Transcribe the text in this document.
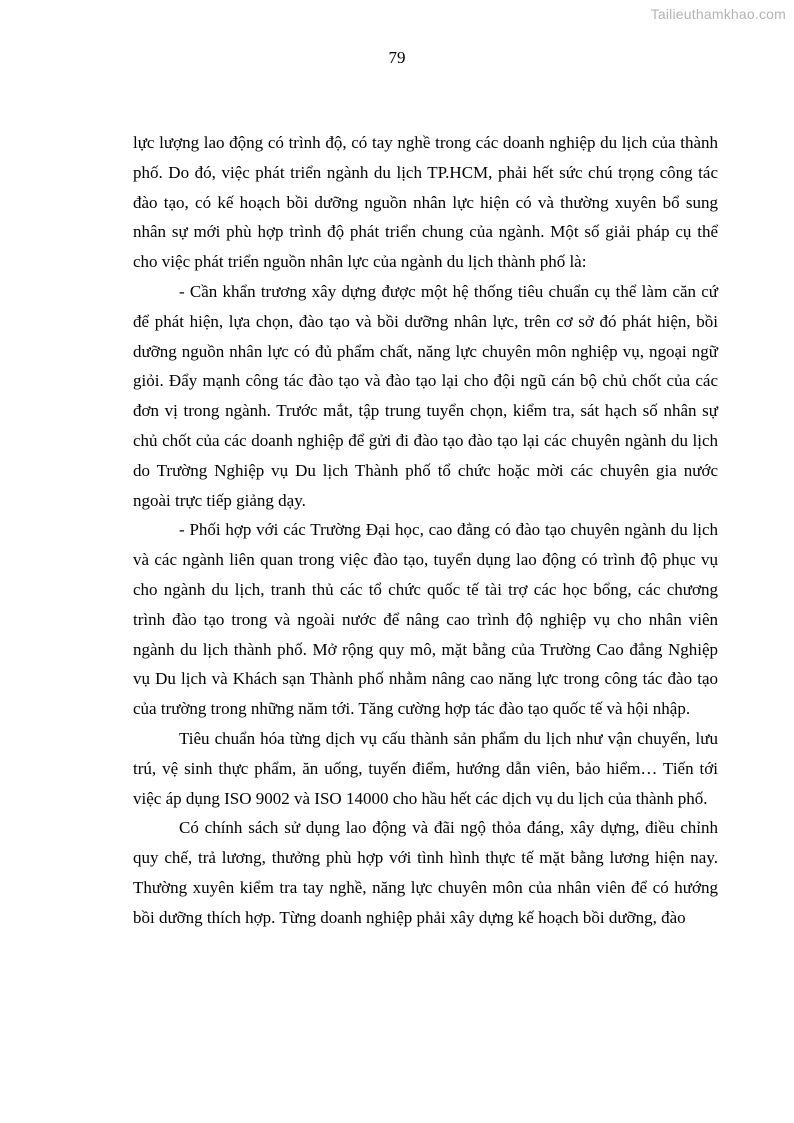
Tailieuthamkhao.com
79

lực lượng lao động có trình độ, có tay nghề trong các doanh nghiệp du lịch của thành phố. Do đó, việc phát triển ngành du lịch TP.HCM, phải hết sức chú trọng công tác đào tạo, có kế hoạch bồi dưỡng nguồn nhân lực hiện có và thường xuyên bổ sung nhân sự mới phù hợp trình độ phát triển chung của ngành. Một số giải pháp cụ thể cho việc phát triển nguồn nhân lực của ngành du lịch thành phố là:

- Cần khẩn trương xây dựng được một hệ thống tiêu chuẩn cụ thể làm căn cứ để phát hiện, lựa chọn, đào tạo và bồi dưỡng nhân lực, trên cơ sở đó phát hiện, bồi dưỡng nguồn nhân lực có đủ phẩm chất, năng lực chuyên môn nghiệp vụ, ngoại ngữ giỏi. Đẩy mạnh công tác đào tạo và đào tạo lại cho đội ngũ cán bộ chủ chốt của các đơn vị trong ngành. Trước mắt, tập trung tuyển chọn, kiểm tra, sát hạch số nhân sự chủ chốt của các doanh nghiệp để gửi đi đào tạo đào tạo lại các chuyên ngành du lịch do Trường Nghiệp vụ Du lịch Thành phố tổ chức hoặc mời các chuyên gia nước ngoài trực tiếp giảng dạy.

- Phối hợp với các Trường Đại học, cao đẳng có đào tạo chuyên ngành du lịch và các ngành liên quan trong việc đào tạo, tuyển dụng lao động có trình độ phục vụ cho ngành du lịch, tranh thủ các tổ chức quốc tế tài trợ các học bổng, các chương trình đào tạo trong và ngoài nước để nâng cao trình độ nghiệp vụ cho nhân viên ngành du lịch thành phố. Mở rộng quy mô, mặt bằng của Trường Cao đẳng Nghiệp vụ Du lịch và Khách sạn Thành phố nhằm nâng cao năng lực trong công tác đào tạo của trường trong những năm tới. Tăng cường hợp tác đào tạo quốc tế và hội nhập.

Tiêu chuẩn hóa từng dịch vụ cấu thành sản phẩm du lịch như vận chuyển, lưu trú, vệ sinh thực phẩm, ăn uống, tuyến điểm, hướng dẫn viên, bảo hiểm… Tiến tới việc áp dụng ISO 9002 và ISO 14000 cho hầu hết các dịch vụ du lịch của thành phố.

Có chính sách sử dụng lao động và đãi ngộ thỏa đáng, xây dựng, điều chỉnh quy chế, trả lương, thưởng phù hợp với tình hình thực tế mặt bằng lương hiện nay. Thường xuyên kiểm tra tay nghề, năng lực chuyên môn của nhân viên để có hướng bồi dưỡng thích hợp. Từng doanh nghiệp phải xây dựng kế hoạch bồi dưỡng, đào
